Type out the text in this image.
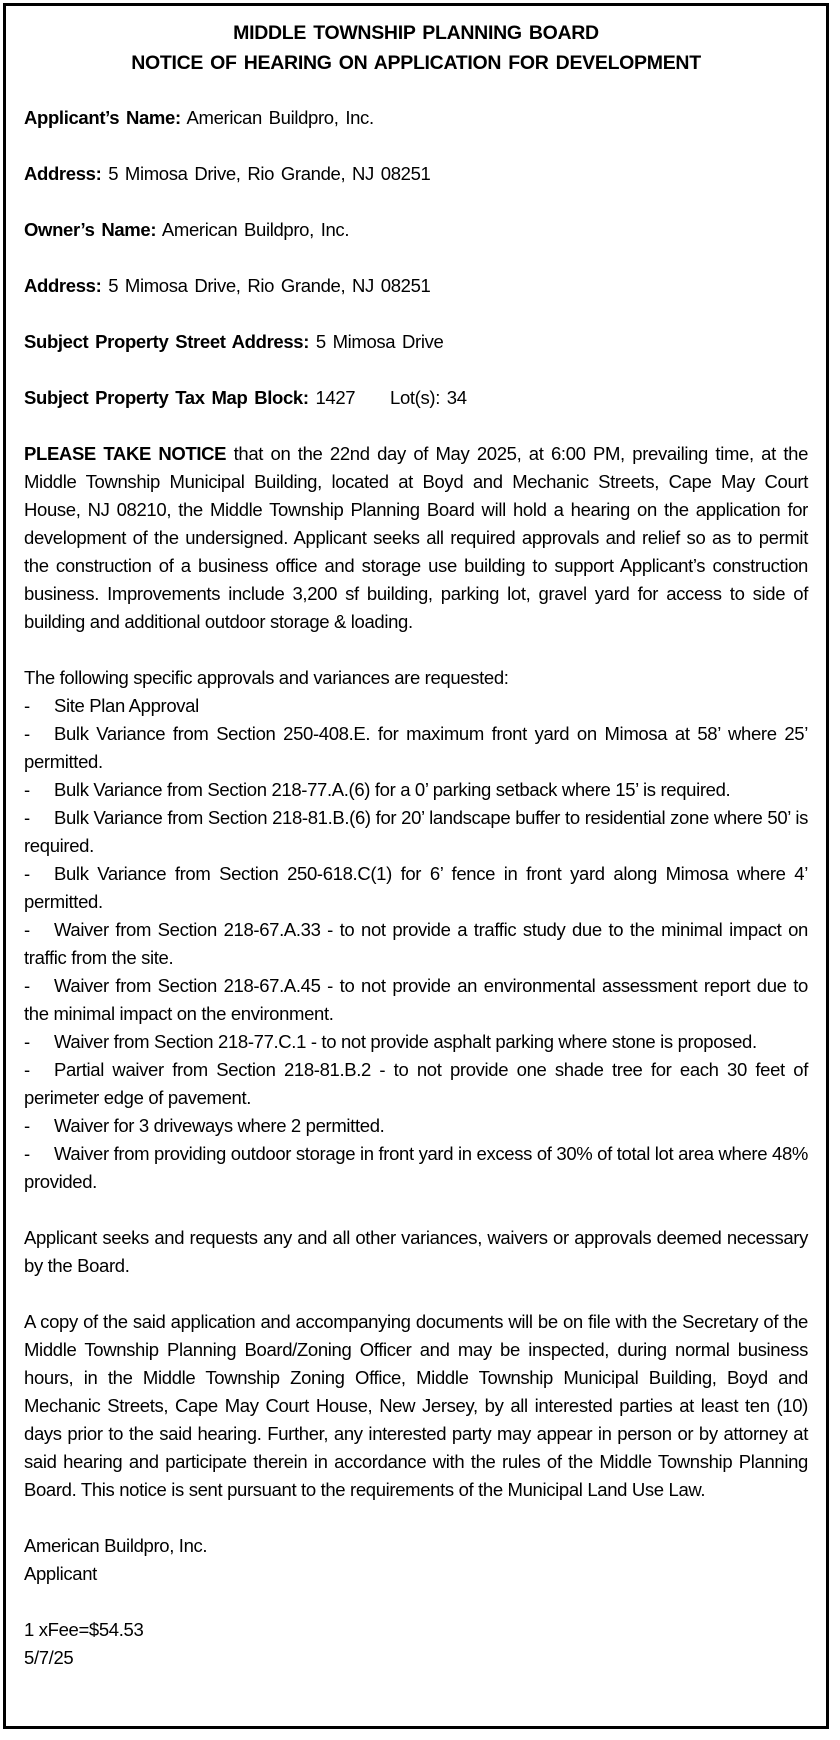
MIDDLE TOWNSHIP PLANNING BOARD
NOTICE OF HEARING ON APPLICATION FOR DEVELOPMENT
Applicant’s Name: American Buildpro, Inc.
Address: 5 Mimosa Drive, Rio Grande, NJ 08251
Owner’s Name: American Buildpro, Inc.
Address: 5 Mimosa Drive, Rio Grande, NJ 08251
Subject Property Street Address: 5 Mimosa Drive
Subject Property Tax Map Block: 1427 Lot(s): 34

PLEASE TAKE NOTICE that on the 22nd day of May 2025, at 6:00 PM, prevailing time, at the Middle Township Municipal Building, located at Boyd and Mechanic Streets, Cape May Court House, NJ 08210, the Middle Township Planning Board will hold a hearing on the application for development of the undersigned. Applicant seeks all required approvals and relief so as to permit the construction of a business office and storage use building to support Applicant’s construction business. Improvements include 3,200 sf building, parking lot, gravel yard for access to side of building and additional outdoor storage & loading.

The following specific approvals and variances are requested:
- Site Plan Approval
- Bulk Variance from Section 250-408.E. for maximum front yard on Mimosa at 58’ where 25’ permitted.
- Bulk Variance from Section 218-77.A.(6) for a 0’ parking setback where 15’ is required.
- Bulk Variance from Section 218-81.B.(6) for 20’ landscape buffer to residential zone where 50’ is required.
- Bulk Variance from Section 250-618.C(1) for 6’ fence in front yard along Mimosa where 4’ permitted.
- Waiver from Section 218-67.A.33 - to not provide a traffic study due to the minimal impact on traffic from the site.
- Waiver from Section 218-67.A.45 - to not provide an environmental assessment report due to the minimal impact on the environment.
- Waiver from Section 218-77.C.1 - to not provide asphalt parking where stone is proposed.
- Partial waiver from Section 218-81.B.2 - to not provide one shade tree for each 30 feet of perimeter edge of pavement.
- Waiver for 3 driveways where 2 permitted.
- Waiver from providing outdoor storage in front yard in excess of 30% of total lot area where 48% provided.

Applicant seeks and requests any and all other variances, waivers or approvals deemed necessary by the Board.

A copy of the said application and accompanying documents will be on file with the Secretary of the Middle Township Planning Board/Zoning Officer and may be inspected, during normal business hours, in the Middle Township Zoning Office, Middle Township Municipal Building, Boyd and Mechanic Streets, Cape May Court House, New Jersey, by all interested parties at least ten (10) days prior to the said hearing. Further, any interested party may appear in person or by attorney at said hearing and participate therein in accordance with the rules of the Middle Township Planning Board. This notice is sent pursuant to the requirements of the Municipal Land Use Law.

American Buildpro, Inc.
Applicant
1 xFee=$54.53
5/7/25
